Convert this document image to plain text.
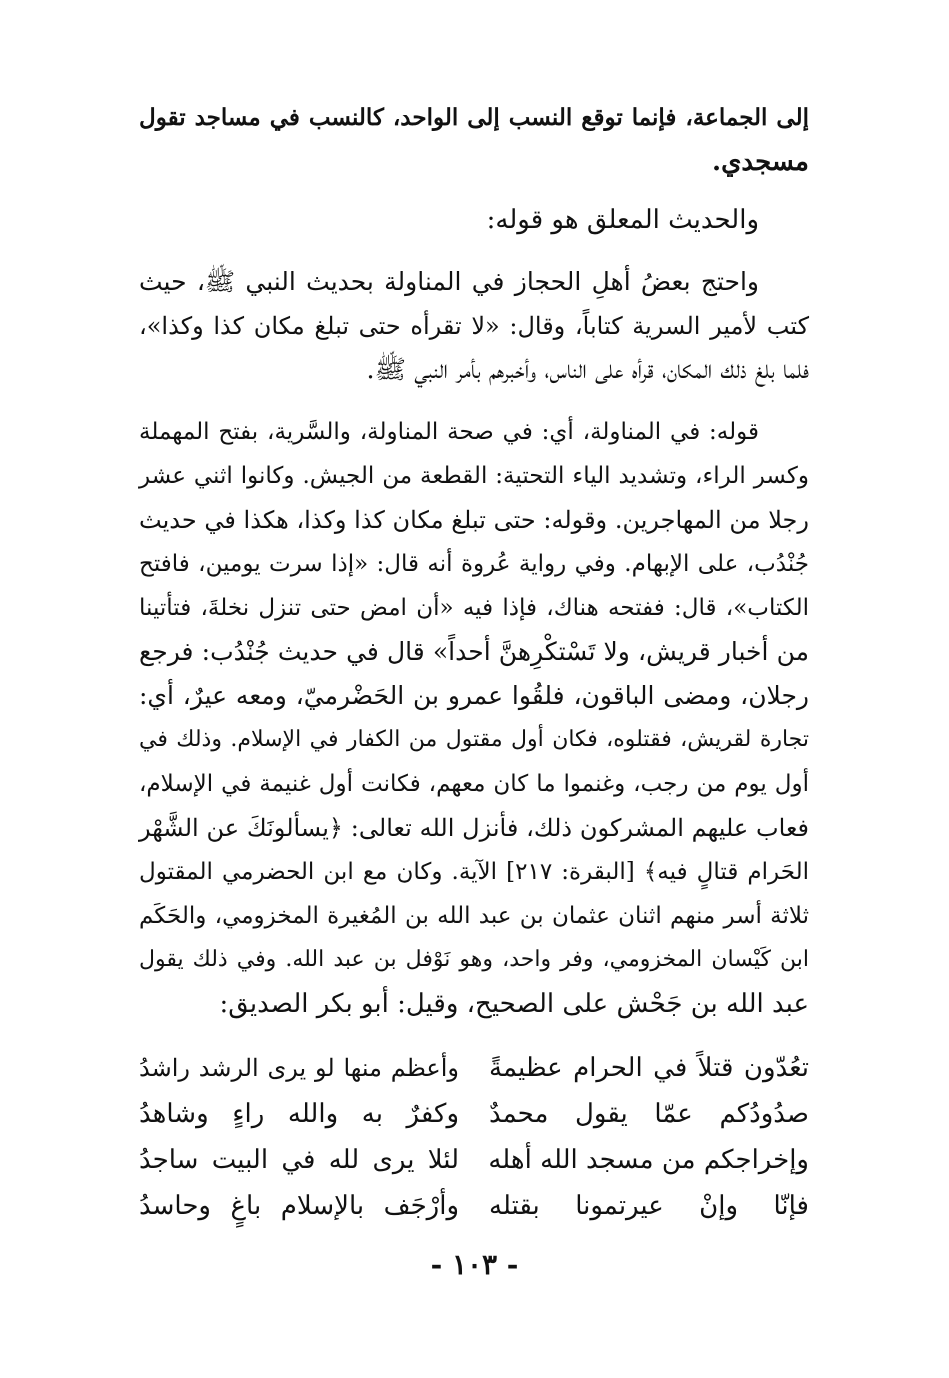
إلى الجماعة، فإنما توقع النسب إلى الواحد، كالنسب في مساجد تقول
مسجدي.
والحديث المعلق هو قوله:
واحتج بعضُ أهلِ الحجاز في المناولة بحديث النبي ﷺ، حيث
كتب لأمير السرية كتاباً، وقال: «لا تقرأه حتى تبلغ مكان كذا وكذا»،
فلما بلغ ذلك المكان، قرأه على الناس، وأخبرهم بأمر النبي ﷺ.
قوله: في المناولة، أي: في صحة المناولة، والسَّرية، بفتح المهملة
وكسر الراء، وتشديد الياء التحتية: القطعة من الجيش. وكانوا اثني عشر
رجلا من المهاجرين. وقوله: حتى تبلغ مكان كذا وكذا، هكذا في حديث
جُنْدُب، على الإبهام. وفي رواية عُروة أنه قال: «إذا سرت يومين، فافتح
الكتاب»، قال: ففتحه هناك، فإذا فيه «أن امض حتى تنزل نخلةَ، فتأتينا
من أخبار قريش، ولا تَسْتكْرِهنَّ أحداً» قال في حديث جُنْدُب: فرجع
رجلان، ومضى الباقون، فلقُوا عمرو بن الحَضْرميّ، ومعه عيرٌ، أي:
تجارة لقريش، فقتلوه، فكان أول مقتول من الكفار في الإسلام. وذلك في
أول يوم من رجب، وغنموا ما كان معهم، فكانت أول غنيمة في الإسلام،
فعاب عليهم المشركون ذلك، فأنزل الله تعالى: ﴿يسألونَكَ عن الشَّهْر
الحَرام قتالٍ فيه﴾ [البقرة: ٢١٧] الآية. وكان مع ابن الحضرمي المقتول
ثلاثة أسر منهم اثنان عثمان بن عبد الله بن المُغيرة المخزومي، والحَكَم
ابن كَيْسان المخزومي، وفر واحد، وهو نَوْفل بن عبد الله. وفي ذلك يقول
عبد الله بن جَحْش على الصحيح، وقيل: أبو بكر الصديق:
تعُدّون قتلاً في الحرام عظيمةً
وأعظم منها لو يرى الرشد راشدُ
صدُودُكم عمّا يقول محمدٌ
وكفرٌ به والله راءٍ وشاهدُ
وإخراجكم من مسجد الله أهله
لئلا يرى لله في البيت ساجدُ
فإنّا وإنْ عيرتمونا بقتله
وأرْجَف بالإسلام باغٍ وحاسدُ
- ١٠٣ -
